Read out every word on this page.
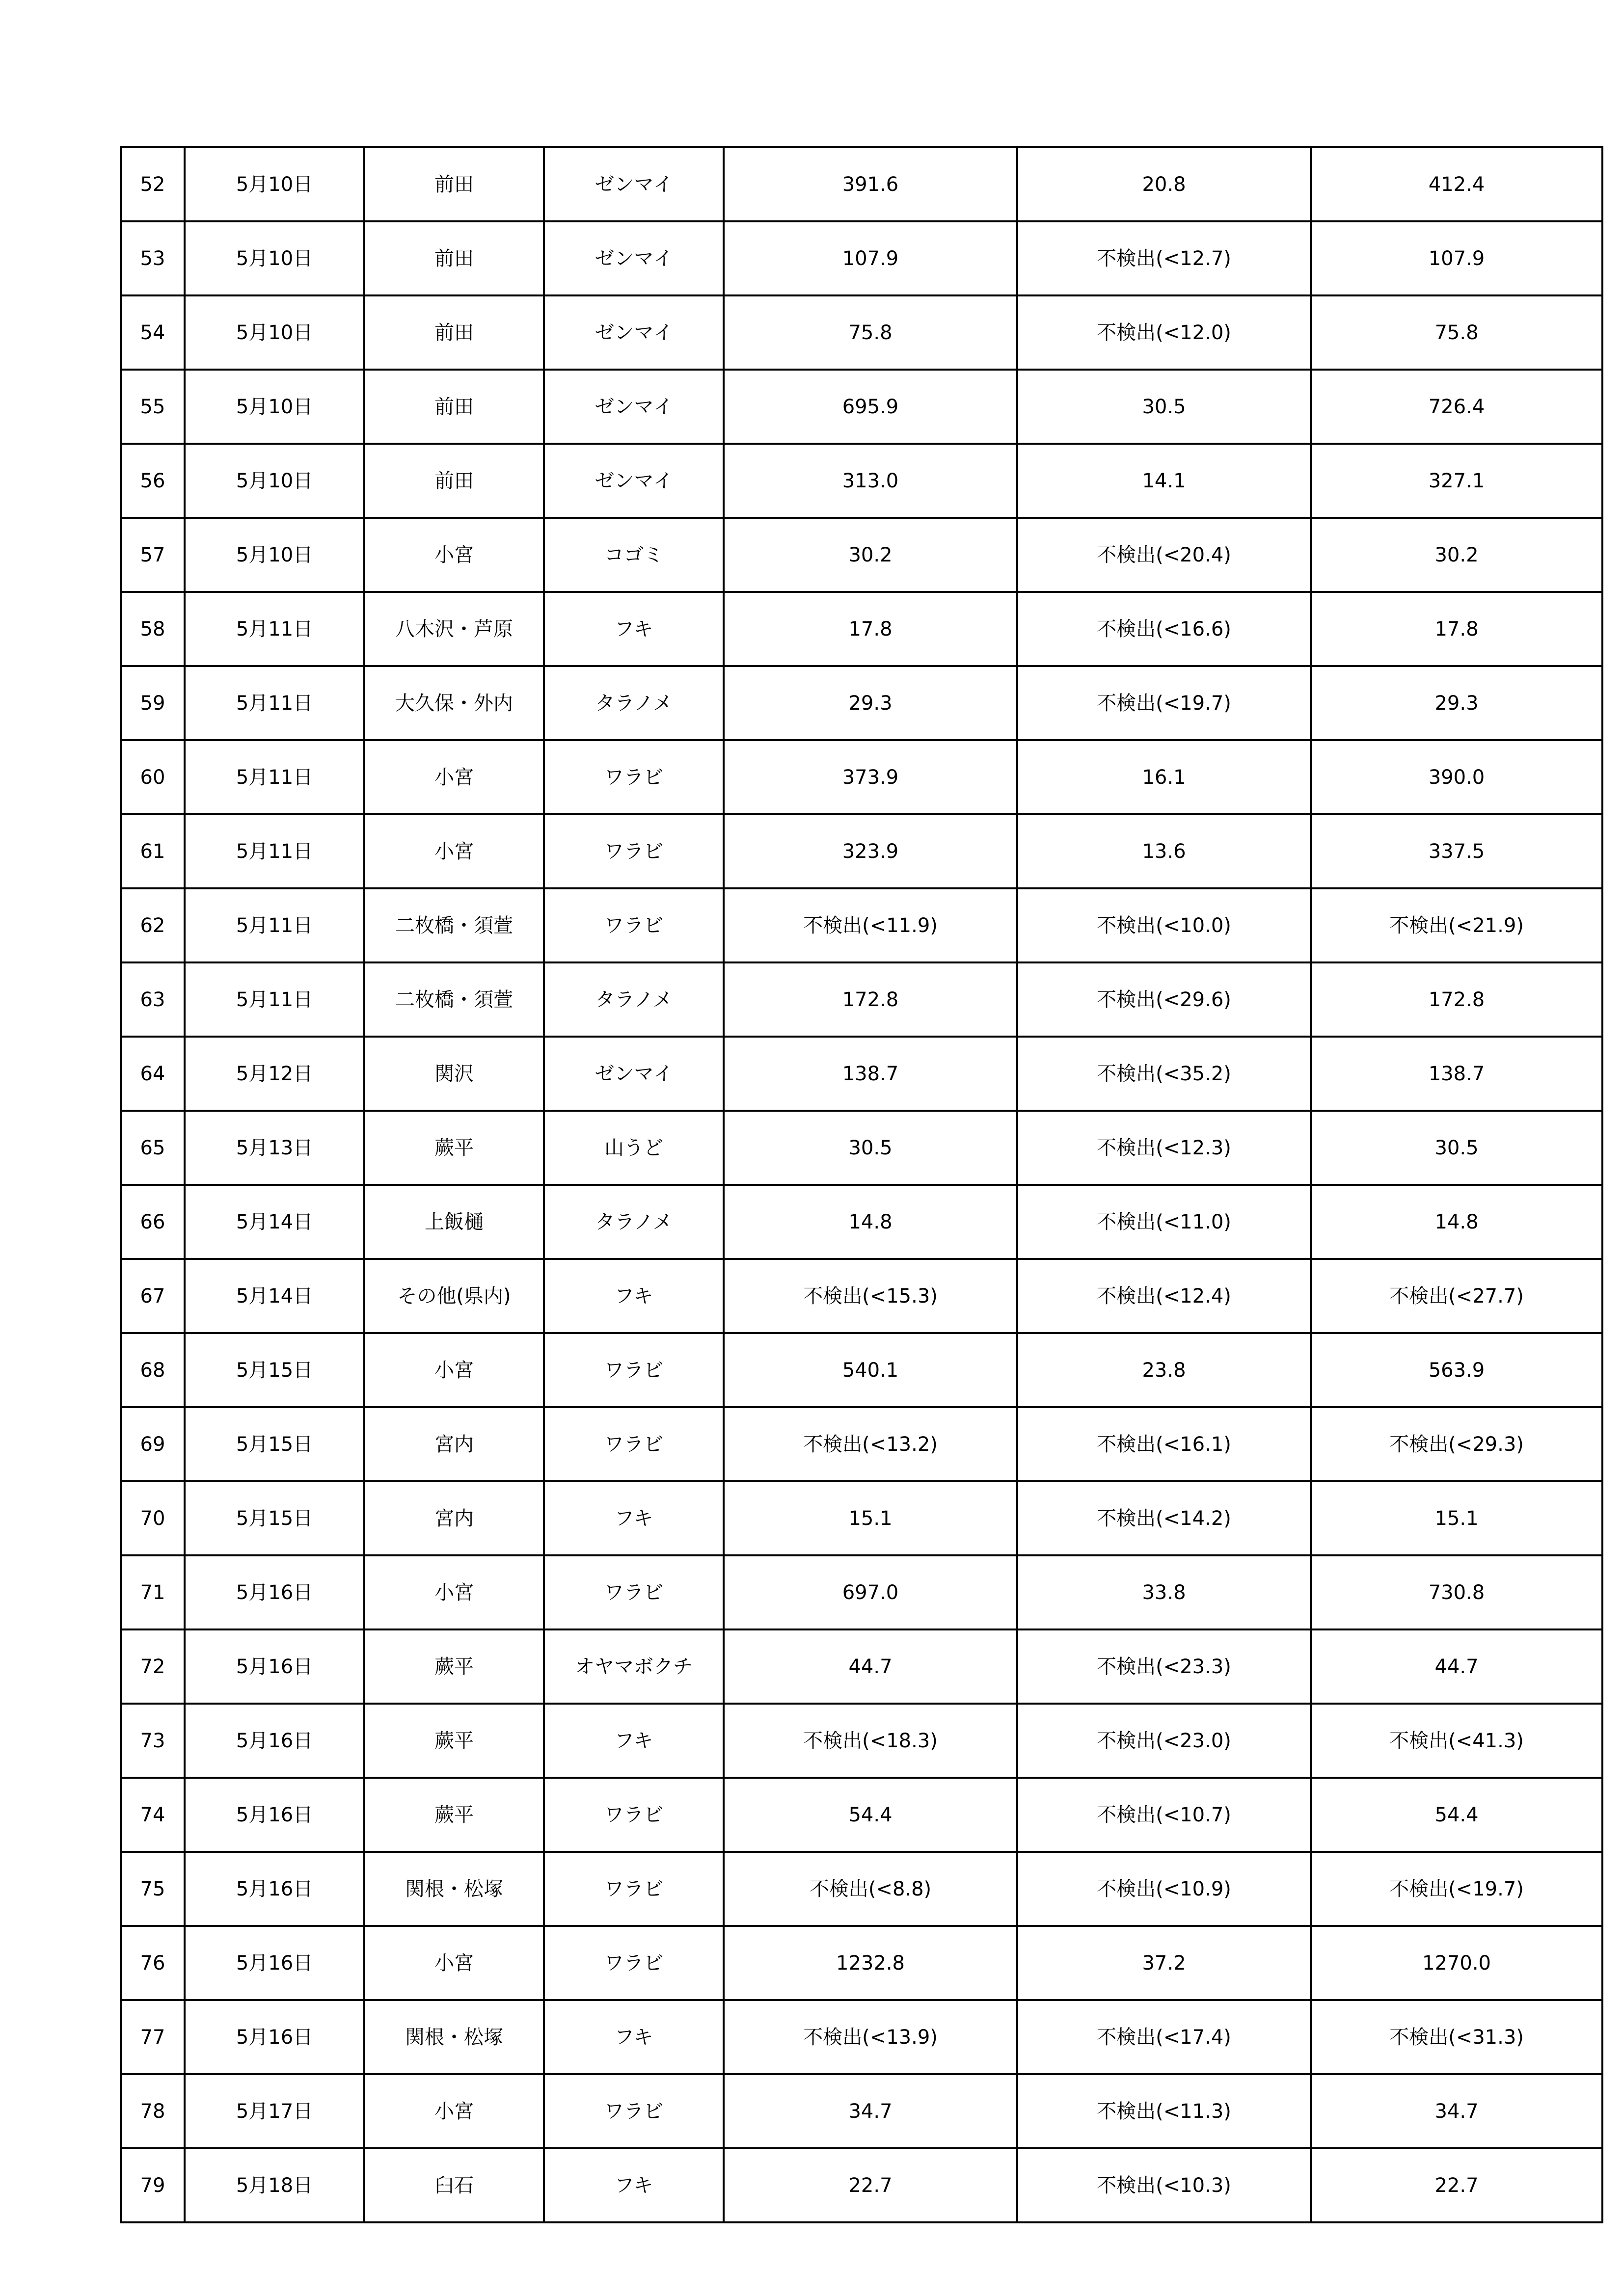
52	5月10日	前田	ゼンマイ	391.6	20.8	412.4
53	5月10日	前田	ゼンマイ	107.9	不検出(<12.7)	107.9
54	5月10日	前田	ゼンマイ	75.8	不検出(<12.0)	75.8
55	5月10日	前田	ゼンマイ	695.9	30.5	726.4
56	5月10日	前田	ゼンマイ	313.0	14.1	327.1
57	5月10日	小宮	コゴミ	30.2	不検出(<20.4)	30.2
58	5月11日	八木沢・芦原	フキ	17.8	不検出(<16.6)	17.8
59	5月11日	大久保・外内	タラノメ	29.3	不検出(<19.7)	29.3
60	5月11日	小宮	ワラビ	373.9	16.1	390.0
61	5月11日	小宮	ワラビ	323.9	13.6	337.5
62	5月11日	二枚橋・須萱	ワラビ	不検出(<11.9)	不検出(<10.0)	不検出(<21.9)
63	5月11日	二枚橋・須萱	タラノメ	172.8	不検出(<29.6)	172.8
64	5月12日	関沢	ゼンマイ	138.7	不検出(<35.2)	138.7
65	5月13日	蕨平	山うど	30.5	不検出(<12.3)	30.5
66	5月14日	上飯樋	タラノメ	14.8	不検出(<11.0)	14.8
67	5月14日	その他(県内)	フキ	不検出(<15.3)	不検出(<12.4)	不検出(<27.7)
68	5月15日	小宮	ワラビ	540.1	23.8	563.9
69	5月15日	宮内	ワラビ	不検出(<13.2)	不検出(<16.1)	不検出(<29.3)
70	5月15日	宮内	フキ	15.1	不検出(<14.2)	15.1
71	5月16日	小宮	ワラビ	697.0	33.8	730.8
72	5月16日	蕨平	オヤマボクチ	44.7	不検出(<23.3)	44.7
73	5月16日	蕨平	フキ	不検出(<18.3)	不検出(<23.0)	不検出(<41.3)
74	5月16日	蕨平	ワラビ	54.4	不検出(<10.7)	54.4
75	5月16日	関根・松塚	ワラビ	不検出(<8.8)	不検出(<10.9)	不検出(<19.7)
76	5月16日	小宮	ワラビ	1232.8	37.2	1270.0
77	5月16日	関根・松塚	フキ	不検出(<13.9)	不検出(<17.4)	不検出(<31.3)
78	5月17日	小宮	ワラビ	34.7	不検出(<11.3)	34.7
79	5月18日	臼石	フキ	22.7	不検出(<10.3)	22.7
